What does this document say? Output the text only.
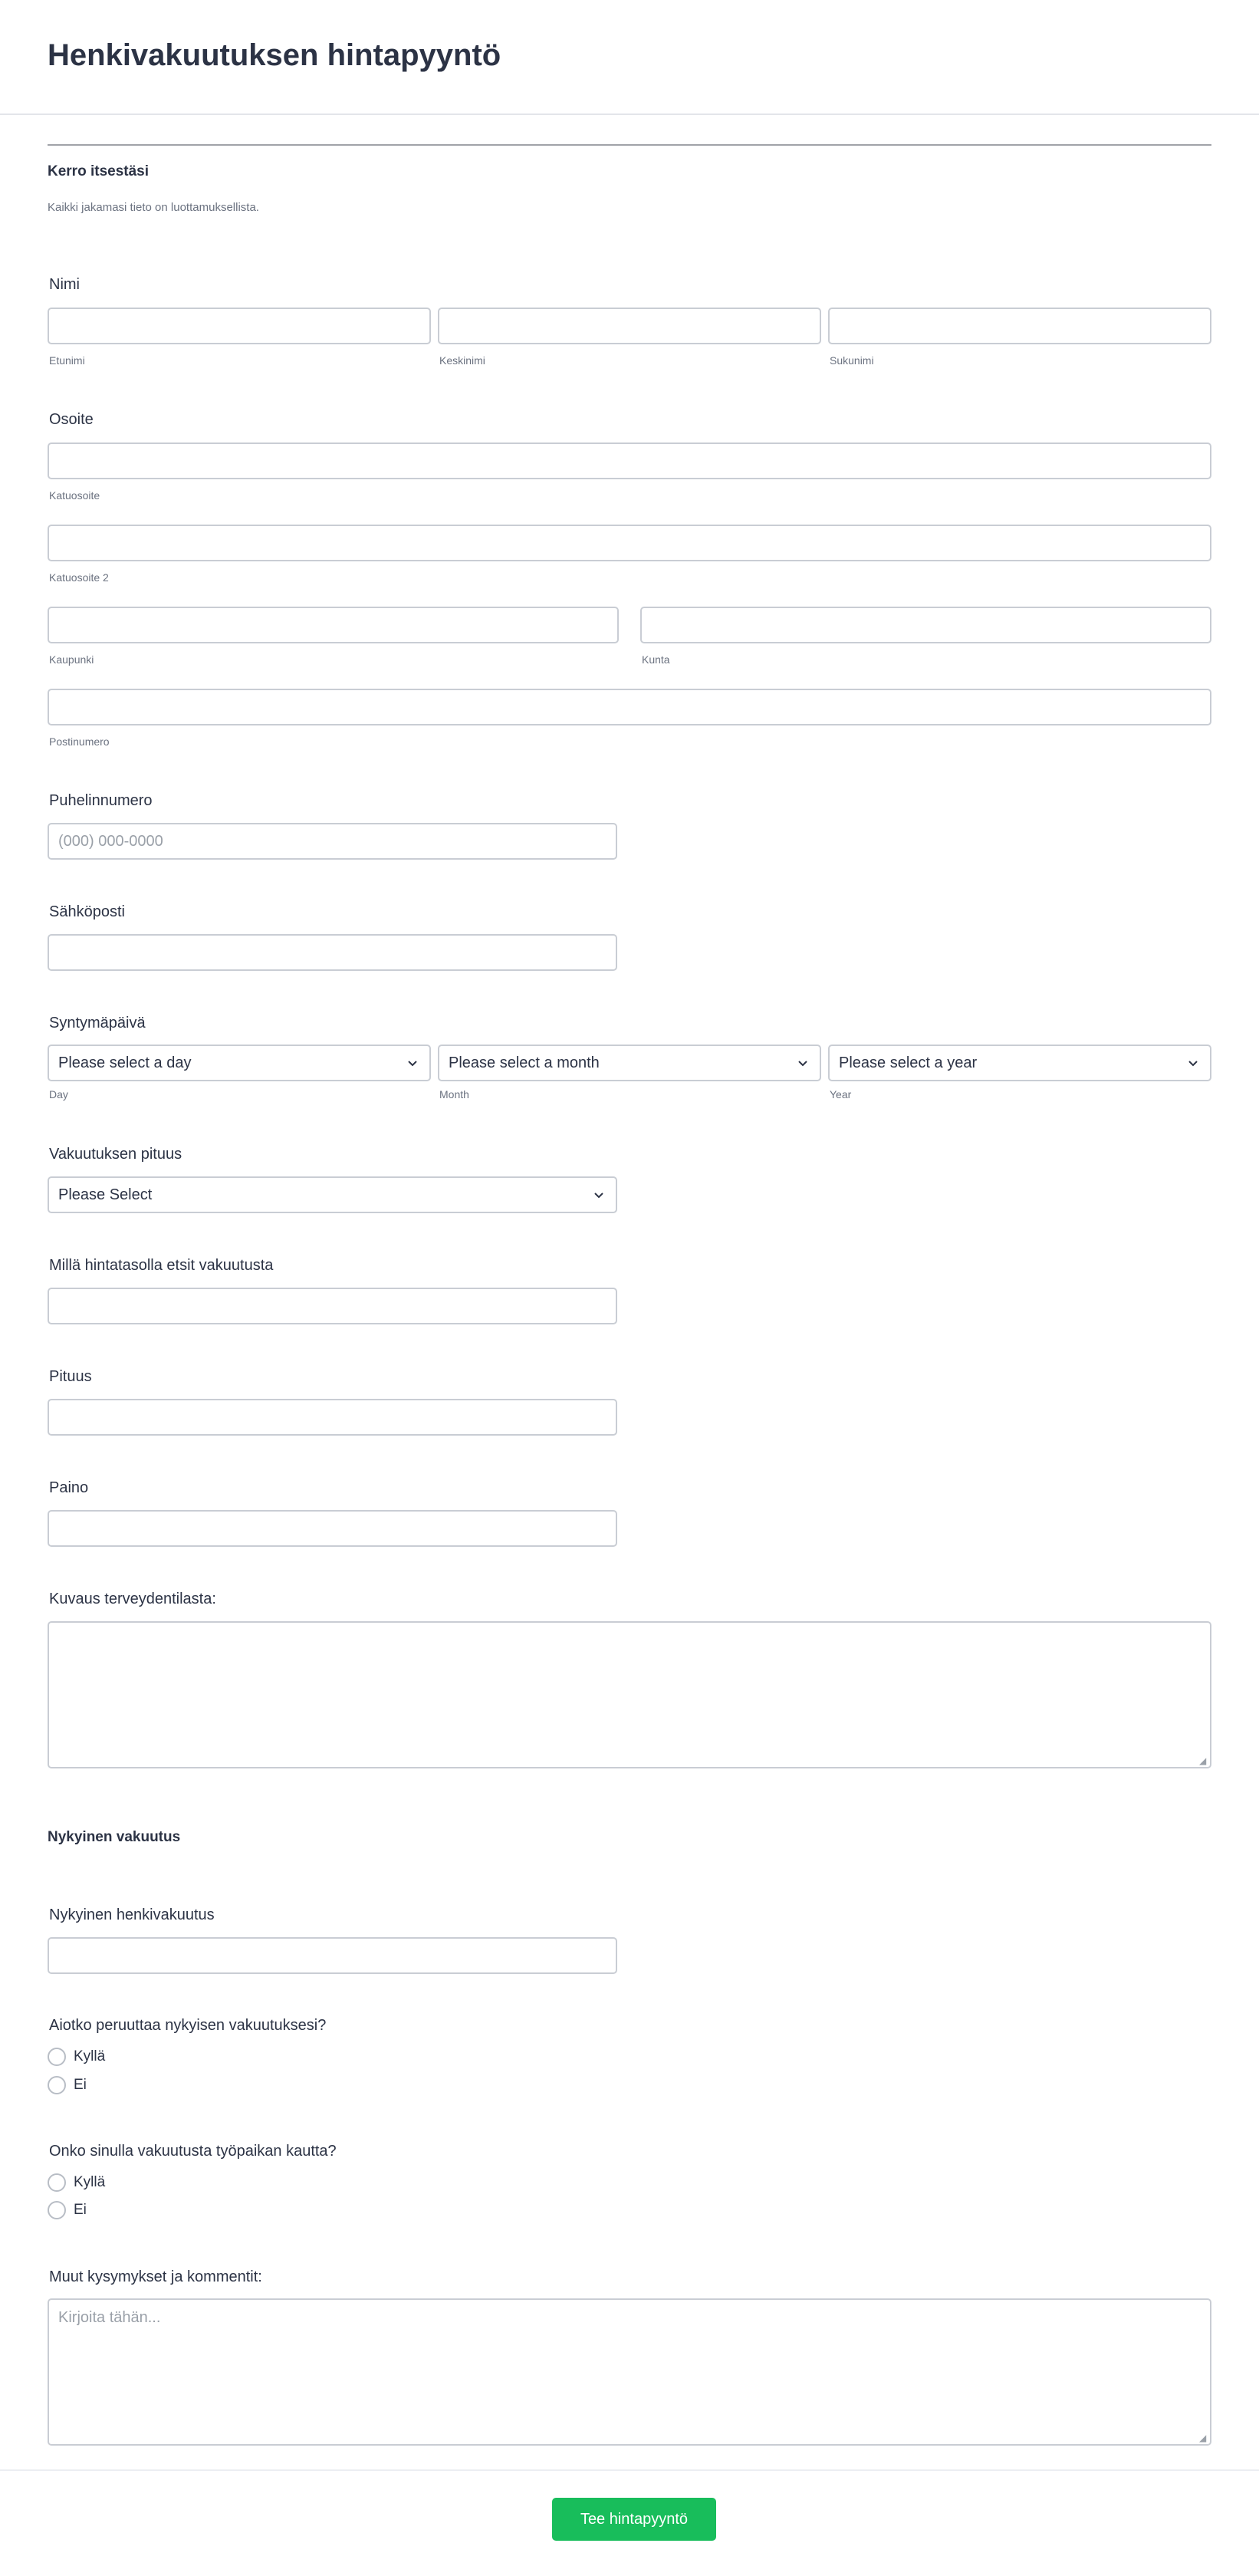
Henkivakuutuksen hintapyyntö
Kerro itsestäsi
Kaikki jakamasi tieto on luottamuksellista.
Nimi
Etunimi	Keskinimi	Sukunimi
Osoite
Katuosoite
Katuosoite 2
Kaupunki	Kunta
Postinumero
Puhelinnumero
(000) 000-0000
Sähköposti
Syntymäpäivä
Please select a day	Please select a month	Please select a year
Day	Month	Year
Vakuutuksen pituus
Please Select
Millä hintatasolla etsit vakuutusta
Pituus
Paino
Kuvaus terveydentilasta:
◢
Nykyinen vakuutus
Nykyinen henkivakuutus
Aiotko peruuttaa nykyisen vakuutuksesi?
Kyllä
Ei
Onko sinulla vakuutusta työpaikan kautta?
Kyllä
Ei
Muut kysymykset ja kommentit:
Kirjoita tähän...
◢
Tee hintapyyntö
